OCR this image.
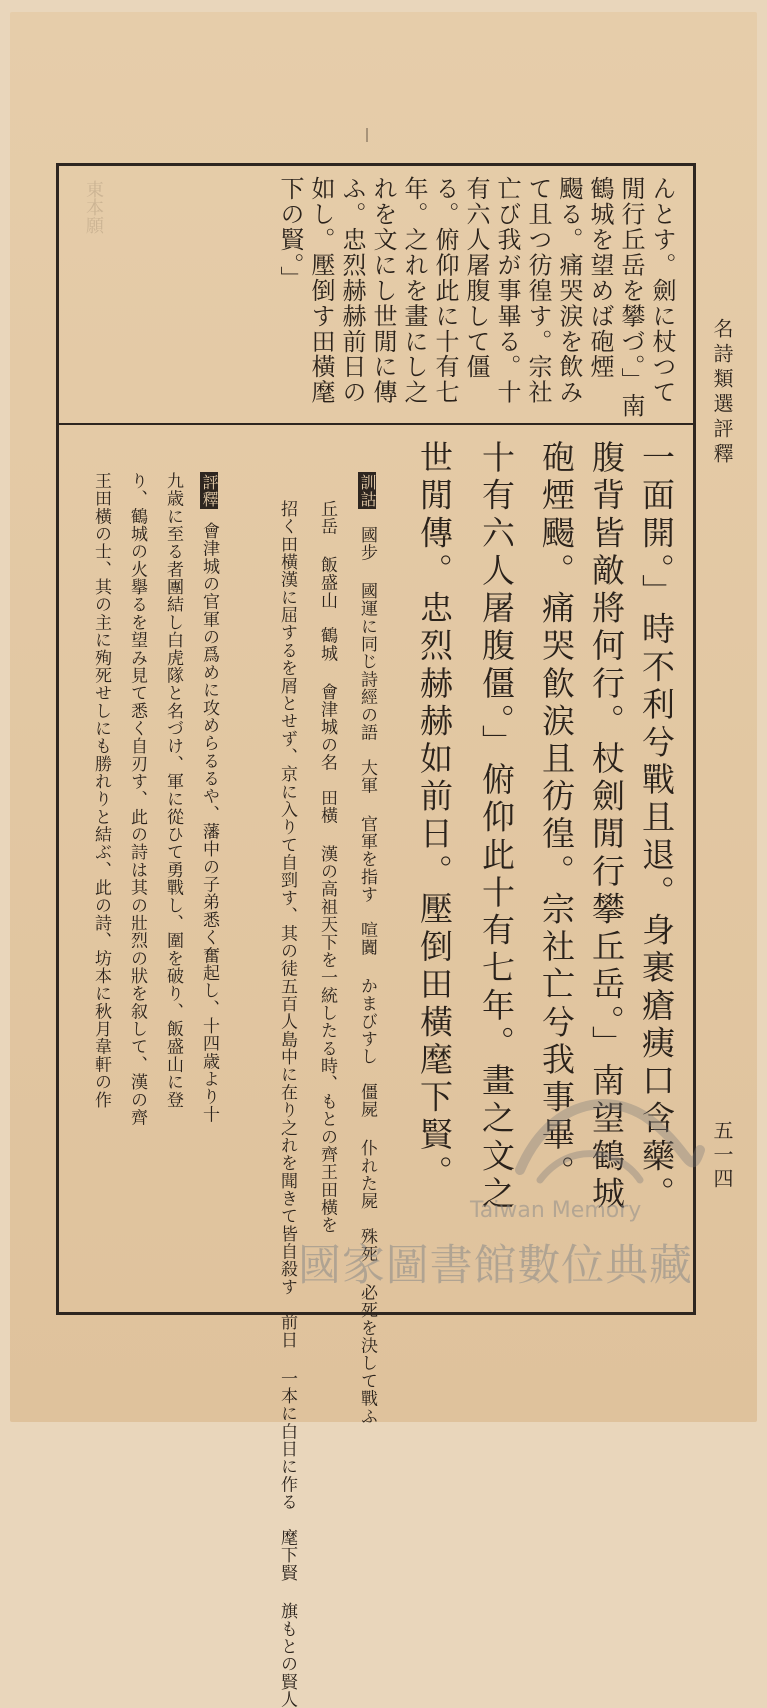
名詩類選評釋
五一四
東本願	んとす。劍に杖つて
閒行丘岳を攀づ。」南
鶴城を望めば砲煙
颺る。痛哭涙を飲み
て且つ彷徨す。宗社
亡び我が事畢る。十
有六人屠腹して僵
る。俯仰此に十有七
年。之れを畫にし之
れを文にし世閒に傳
ふ。忠烈赫赫前日の
如し。壓倒す田橫麾
下の賢。」
一面開。」時不利兮戰且退。身裹瘡痍口含藥。
腹背皆敵將何行。杖劍閒行攀丘岳。」南望鶴城
砲煙颺。痛哭飮涙且彷徨。宗社亡兮我事畢。
十有六人屠腹僵。」俯仰此十有七年。畫之文之
世閒傳。忠烈赫赫如前日。壓倒田橫麾下賢。
訓詁
國步 國運に同じ詩經の語　大軍 官軍を指す　喧闐 かまびすし　僵屍 仆れた屍　殊死 必死を決して戰ふ
丘岳 飯盛山　鶴城 會津城の名　田橫 漢の高祖天下を一統したる時、もとの齊王田橫を
招く田橫漢に屈するを屑とせず、京に入りて自剄す、其の徒五百人島中に在り之れを聞きて皆自殺す　前日 一本に白日に作る　麾下賢 旗もとの賢人
評釋
會津城の官軍の爲めに攻めらるるや、藩中の子弟悉く奮起し、十四歳より十
九歳に至る者團結し白虎隊と名づけ、軍に從ひて勇戰し、圍を破り、飯盛山に登
り、鶴城の火擧るを望み見て悉く自刃す、此の詩は其の壯烈の狀を叙して、漢の齊
王田橫の士、其の主に殉死せしにも勝れりと結ぶ、此の詩、坊本に秋月韋軒の作
Taiwan Memory
國家圖書館數位典藏
